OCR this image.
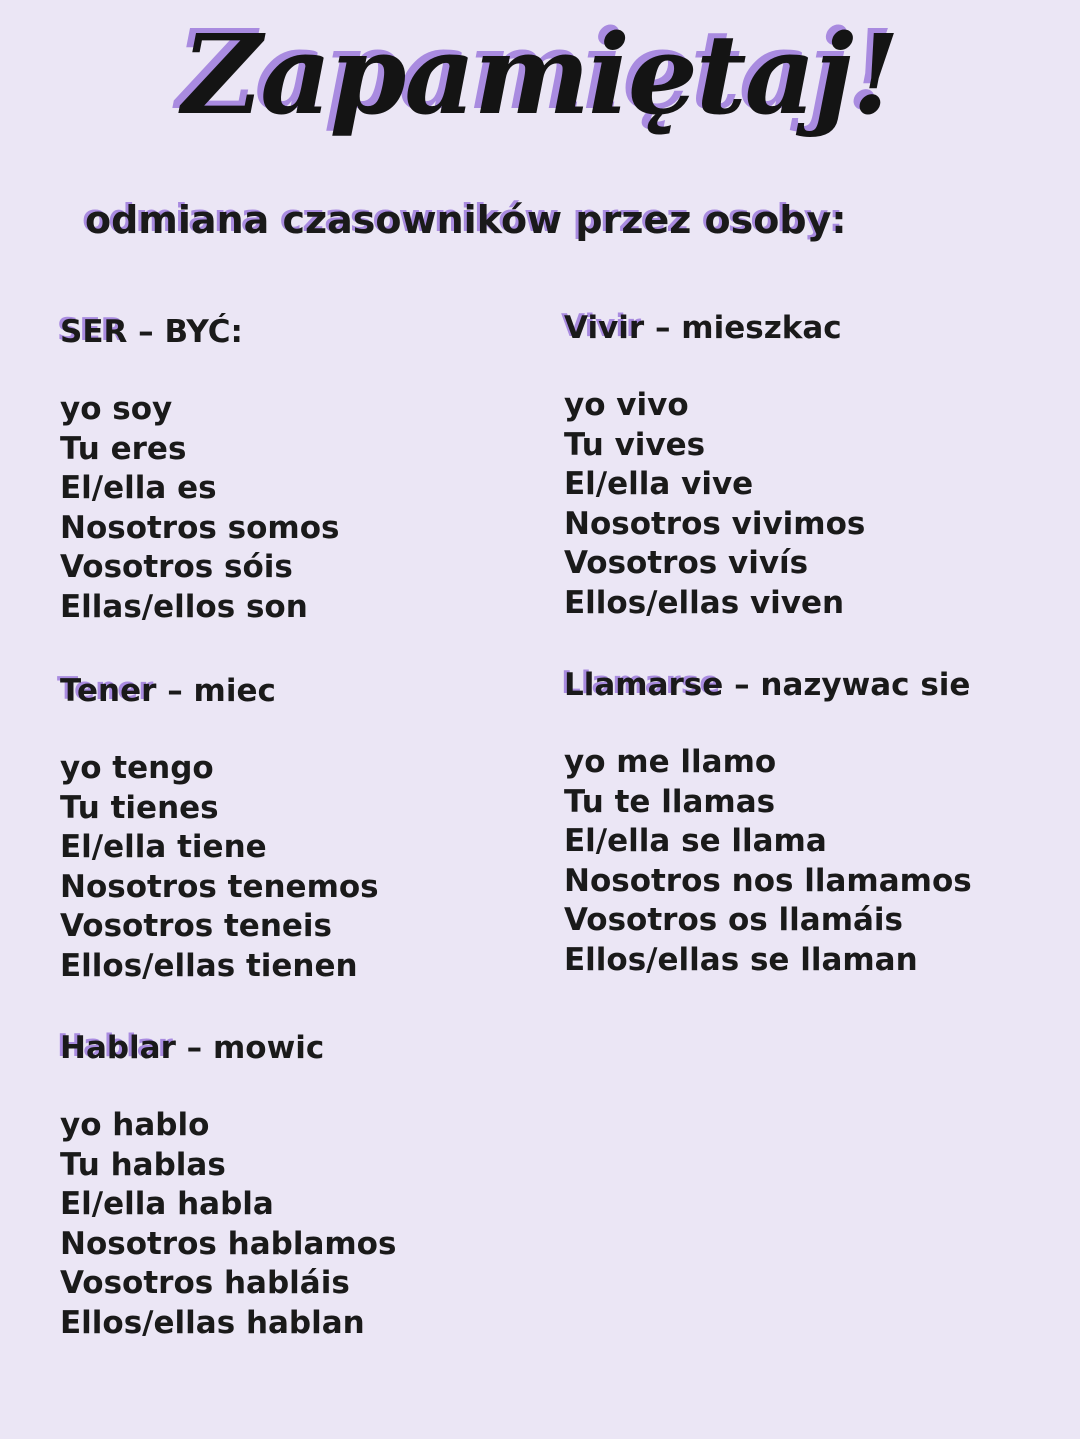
Zapamiętaj!
odmiana czasowników przez osoby:
SER – BYĆ:
yo soy
Tu eres
El/ella es
Nosotros somos
Vosotros sóis
Ellas/ellos son
Tener – miec
yo tengo
Tu tienes
El/ella tiene
Nosotros tenemos
Vosotros teneis
Ellos/ellas tienen
Hablar – mowic
yo hablo
Tu hablas
El/ella habla
Nosotros hablamos
Vosotros habláis
Ellos/ellas hablan
Vivir – mieszkac
yo vivo
Tu vives
El/ella vive
Nosotros vivimos
Vosotros vivís
Ellos/ellas viven
Llamarse – nazywac sie
yo me llamo
Tu te llamas
El/ella se llama
Nosotros nos llamamos
Vosotros os llamáis
Ellos/ellas se llaman
